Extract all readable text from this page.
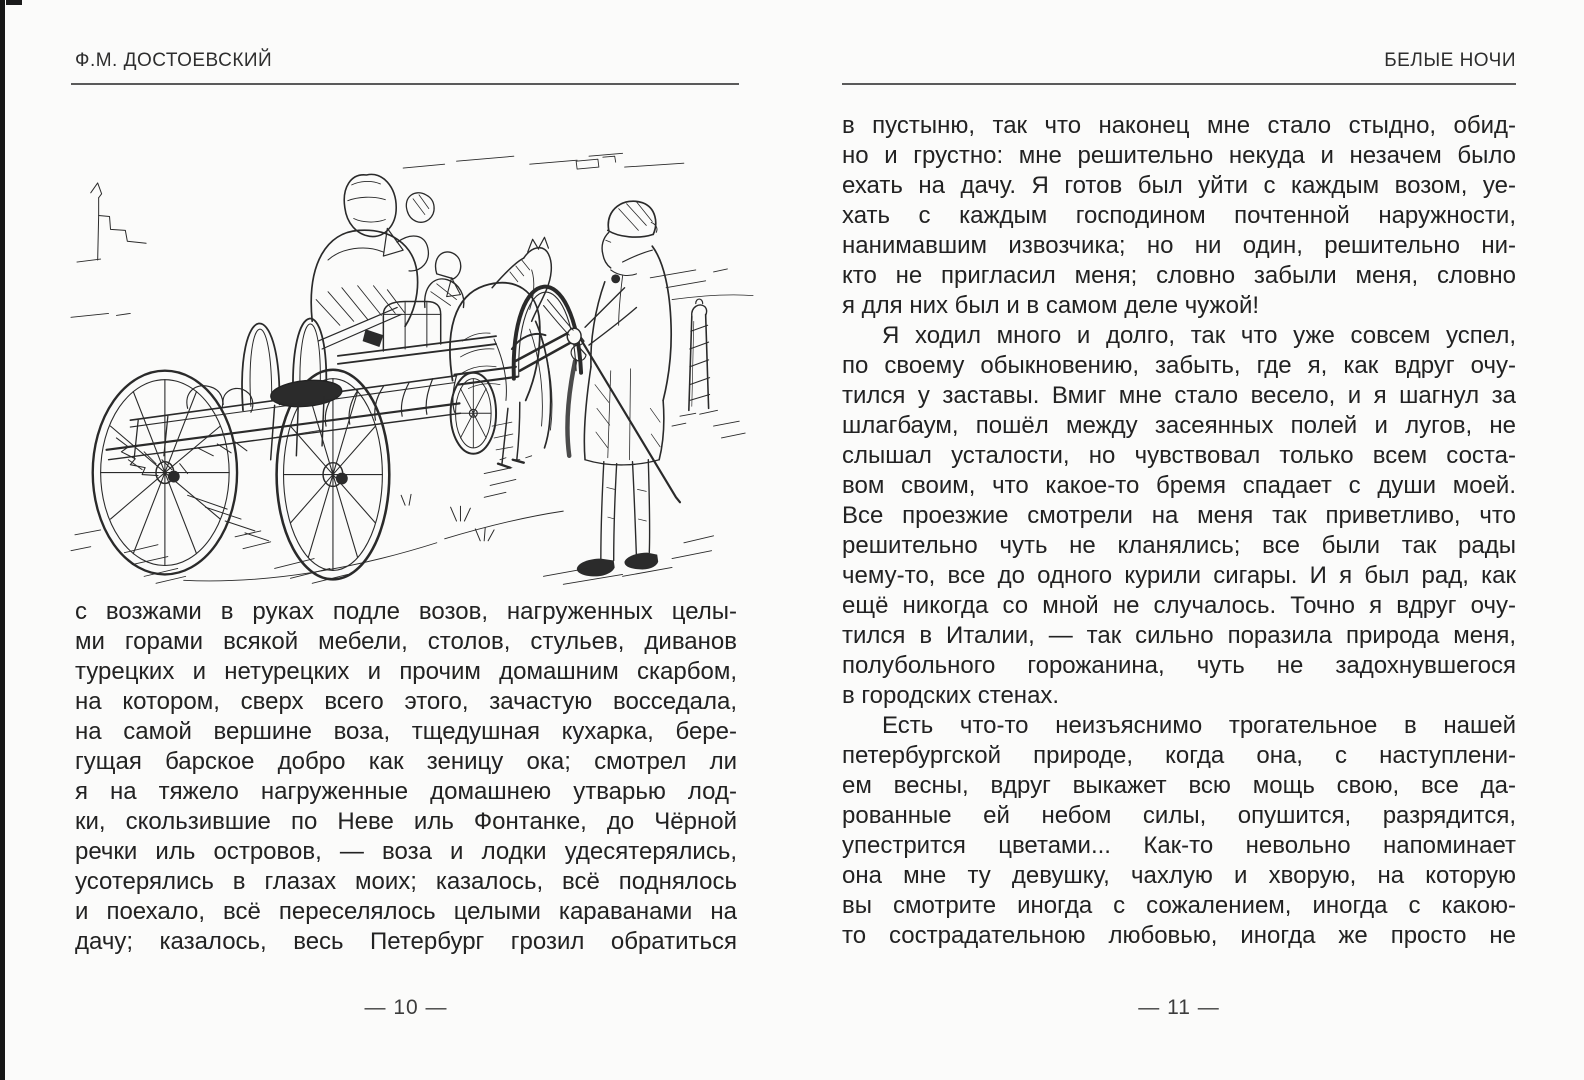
Ф.М. ДОСТОЕВСКИЙ
с возжами в руках подле возов, нагруженных целы-
ми горами всякой мебели, столов, стульев, диванов
турецких и нетурецких и прочим домашним скарбом,
на котором, сверх всего этого, зачастую восседала,
на самой вершине воза, тщедушная кухарка, бере-
гущая барское добро как зеницу ока; смотрел ли
я на тяжело нагруженные домашнею утварью лод-
ки, скользившие по Неве иль Фонтанке, до Чёрной
речки иль островов, — воза и лодки удесятерялись,
усотерялись в глазах моих; казалось, всё поднялось
и поехало, всё переселялось целыми караванами на
дачу; казалось, весь Петербург грозил обратиться
— 10 —
БЕЛЫЕ НОЧИ
в пустыню, так что наконец мне стало стыдно, обид-
но и грустно: мне решительно некуда и незачем было
ехать на дачу. Я готов был уйти с каждым возом, уе-
хать с каждым господином почтенной наружности,
нанимавшим извозчика; но ни один, решительно ни-
кто не пригласил меня; словно забыли меня, словно
я для них был и в самом деле чужой!
Я ходил много и долго, так что уже совсем успел,
по своему обыкновению, забыть, где я, как вдруг очу-
тился у заставы. Вмиг мне стало весело, и я шагнул за
шлагбаум, пошёл между засеянных полей и лугов, не
слышал усталости, но чувствовал только всем соста-
вом своим, что какое-то бремя спадает с души моей.
Все проезжие смотрели на меня так приветливо, что
решительно чуть не кланялись; все были так рады
чему-то, все до одного курили сигары. И я был рад, как
ещё никогда со мной не случалось. Точно я вдруг очу-
тился в Италии, — так сильно поразила природа меня,
полубольного горожанина, чуть не задохнувшегося
в городских стенах.
Есть что-то неизъяснимо трогательное в нашей
петербургской природе, когда она, с наступлени-
ем весны, вдруг выкажет всю мощь свою, все да-
рованные ей небом силы, опушится, разрядится,
упестрится цветами... Как-то невольно напоминает
она мне ту девушку, чахлую и хворую, на которую
вы смотрите иногда с сожалением, иногда с какою-
то сострадательною любовью, иногда же просто не
— 11 —
